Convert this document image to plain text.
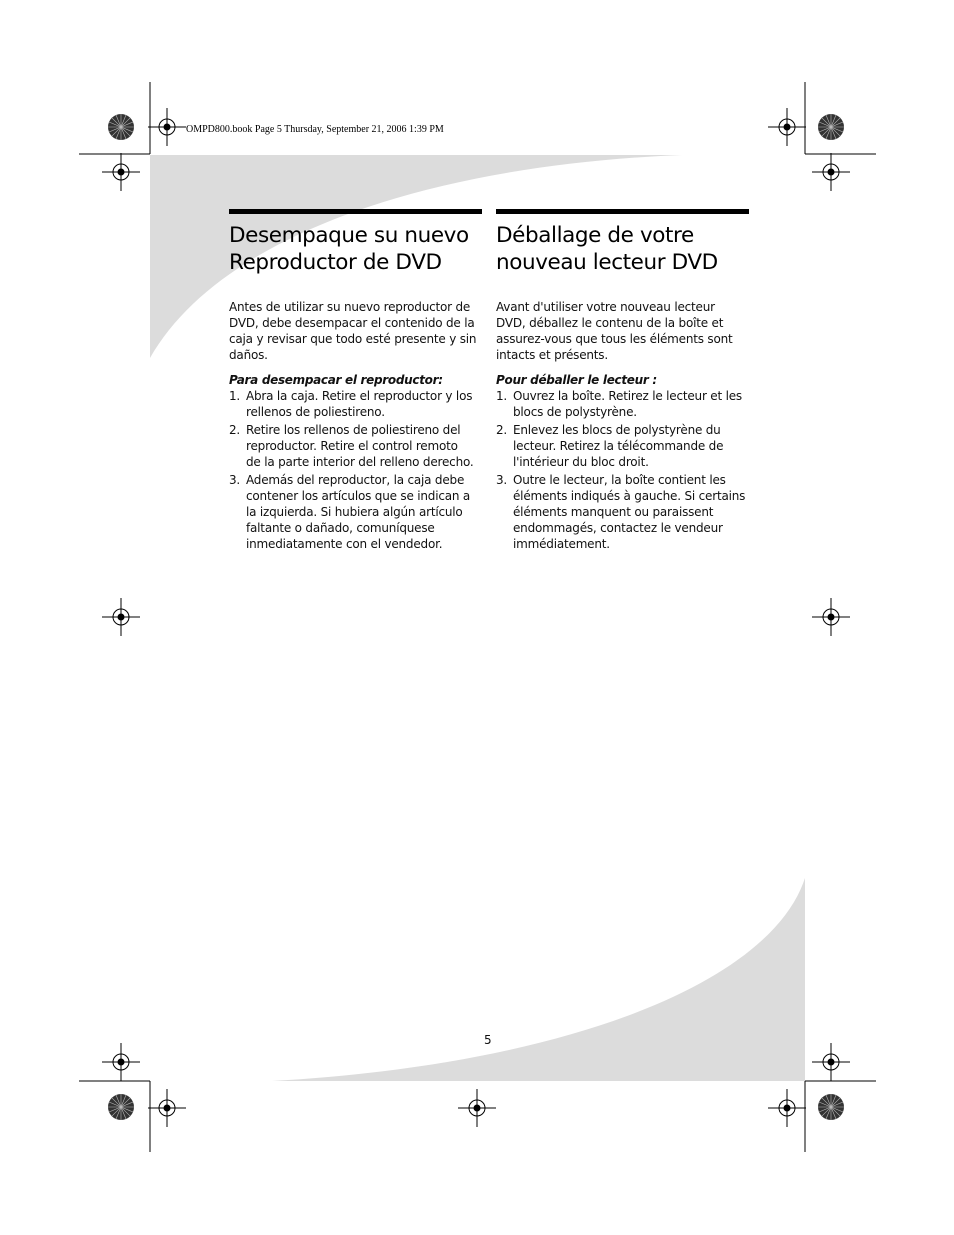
OMPD800.book Page 5 Thursday, September 21, 2006 1:39 PM
Desempaque su nuevo
Reproductor de DVD

Antes de utilizar su nuevo reproductor de
DVD, debe desempacar el contenido de la
caja y revisar que todo esté presente y sin
daños.

Para desempacar el reproductor:

1. Abra la caja. Retire el reproductor y los
rellenos de poliestireno.
2. Retire los rellenos de poliestireno del
reproductor. Retire el control remoto
de la parte interior del relleno derecho.
3. Además del reproductor, la caja debe
contener los artículos que se indican a
la izquierda. Si hubiera algún artículo
faltante o dañado, comuníquese
inmediatamente con el vendedor.
Déballage de votre
nouveau lecteur DVD

Avant d'utiliser votre nouveau lecteur
DVD, déballez le contenu de la boîte et
assurez-vous que tous les éléments sont
intacts et présents.

Pour déballer le lecteur :

1. Ouvrez la boîte. Retirez le lecteur et les
blocs de polystyrène.
2. Enlevez les blocs de polystyrène du
lecteur. Retirez la télécommande de
l'intérieur du bloc droit.
3. Outre le lecteur, la boîte contient les
éléments indiqués à gauche. Si certains
éléments manquent ou paraissent
endommagés, contactez le vendeur
immédiatement.
5
